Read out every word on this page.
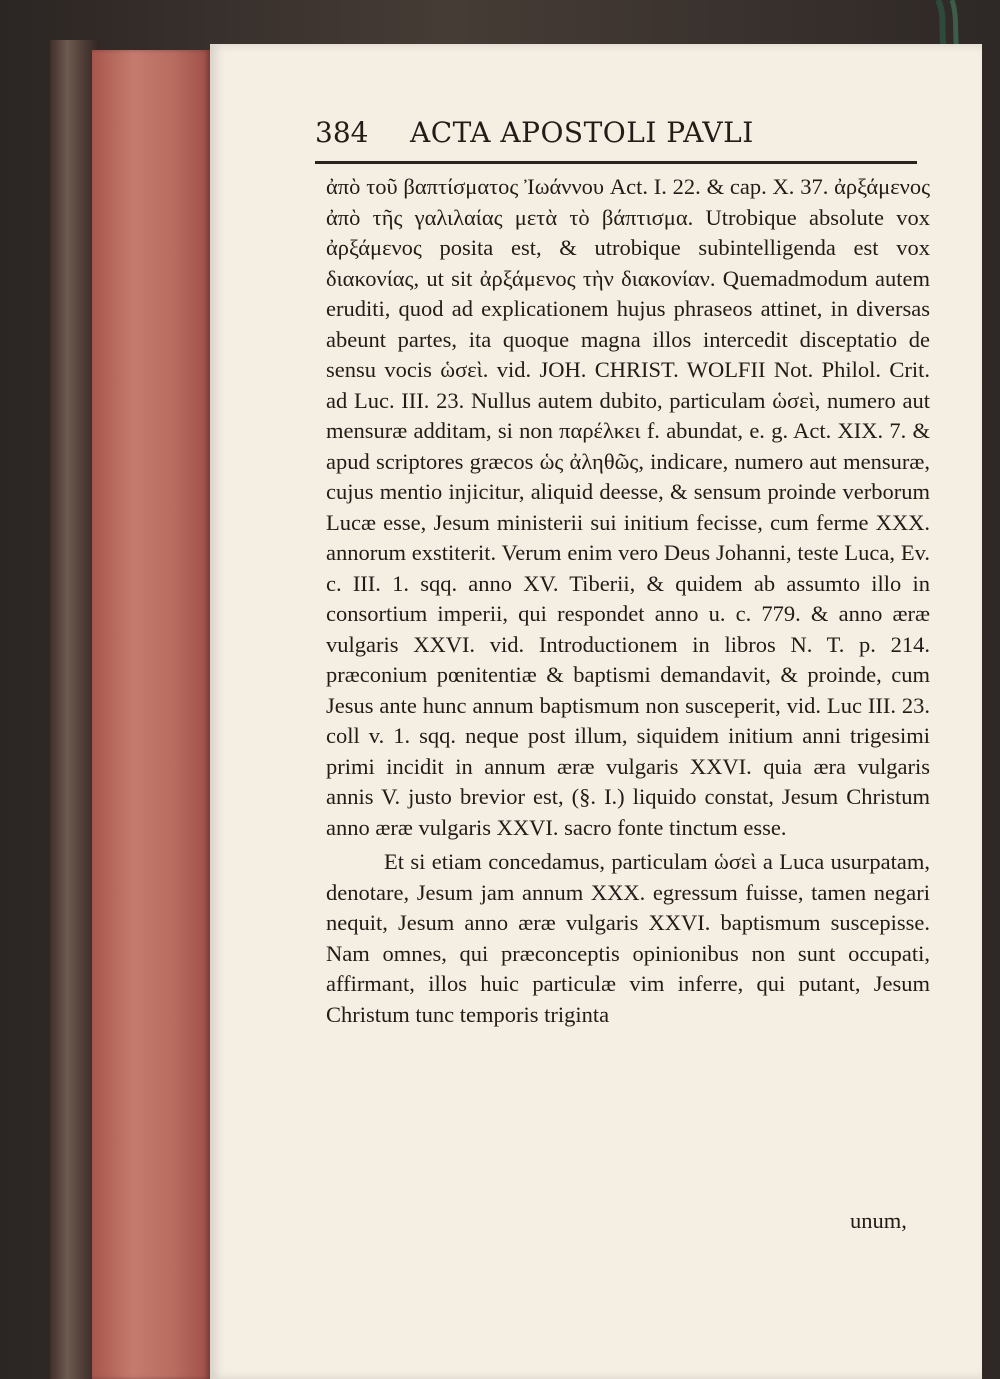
384 ACTA APOSTOLI PAVLI

ἀπὸ τοῦ βαπτίσματος Ἰωάννου Act. I. 22. & cap. X. 37. ἀρξάμενος ἀπὸ τῆς γαλιλαίας μετὰ τὸ βάπτισμα. Utrobique absolute vox ἀρξάμενος posita est, & utrobique subintelligenda est vox διακονίας, ut sit ἀρξάμενος τὴν διακονίαν. Quemadmodum autem eruditi, quod ad explicationem hujus phraseos attinet, in diversas abeunt partes, ita quoque magna illos intercedit disceptatio de sensu vocis ὡσεὶ. vid. JOH. CHRIST. WOLFII Not. Philol. Crit. ad Luc. III. 23. Nullus autem dubito, particulam ὡσεὶ, numero aut mensuræ additam, si non παρέλκει f. abundat, e. g. Act. XIX. 7. & apud scriptores græcos ὡς ἀληθῶς, indicare, numero aut mensuræ, cujus mentio injicitur, aliquid deesse, & sensum proinde verborum Lucæ esse, Jesum ministerii sui initium fecisse, cum ferme XXX. annorum exstiterit. Verum enim vero Deus Johanni, teste Luca, Ev. c. III. 1. sqq. anno XV. Tiberii, & quidem ab assumto illo in consortium imperii, qui respondet anno u. c. 779. & anno æræ vulgaris XXVI. vid. Introductionem in libros N. T. p. 214. præconium pœnitentiæ & baptismi demandavit, & proinde, cum Jesus ante hunc annum baptismum non susceperit, vid. Luc III. 23. coll v. 1. sqq. neque post illum, siquidem initium anni trigesimi primi incidit in annum æræ vulgaris XXVI. quia æra vulgaris annis V. justo brevior est, (§. I.) liquido constat, Jesum Christum anno æræ vulgaris XXVI. sacro fonte tinctum esse.

Et si etiam concedamus, particulam ὡσεὶ a Luca usurpatam, denotare, Jesum jam annum XXX. egressum fuisse, tamen negari nequit, Jesum anno æræ vulgaris XXVI. baptismum suscepisse. Nam omnes, qui præconceptis opinionibus non sunt occupati, affirmant, illos huic particulæ vim inferre, qui putant, Jesum Christum tunc temporis triginta

unum,
